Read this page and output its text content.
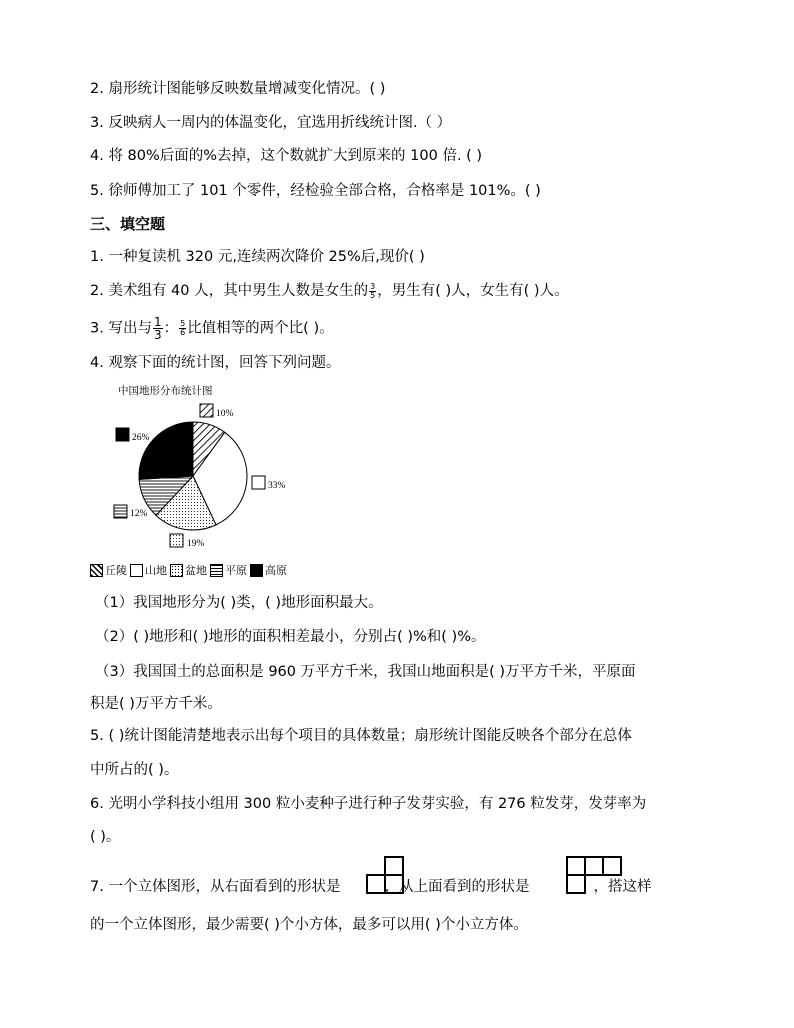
2. 扇形统计图能够反映数量增减变化情况。( )
3. 反映病人一周内的体温变化，宜选用折线统计图.（ ）
4. 将 80%后面的%去掉，这个数就扩大到原来的 100 倍. ( )
5. 徐师傅加工了 101 个零件，经检验全部合格，合格率是 101%。( )
三、填空题
1. 一种复读机 320 元,连续两次降价 25%后,现价( )
2. 美术组有 40 人，其中男生人数是女生的 $\frac{3}{5}$ ，男生有( )人，女生有( )人。
3. 写出与 $\frac{1}{3}$ ： $\frac{5}{6}$ 比值相等的两个比( )。
4. 观察下面的统计图，回答下列问题。
中国地形分布统计图
10%
33%
19%
12%
26%
丘陵 山地 盆地 平原 高原
（1）我国地形分为( )类，( )地形面积最大。
（2）( )地形和( )地形的面积相差最小，分别占( )%和( )%。
（3）我国国土的总面积是 960 万平方千米，我国山地面积是( )万平方千米，平原面
积是( )万平方千米。
5. ( )统计图能清楚地表示出每个项目的具体数量；扇形统计图能反映各个部分在总体
中所占的( )。
6. 光明小学科技小组用 300 粒小麦种子进行种子发芽实验，有 276 粒发芽，发芽率为
( )。
7. 一个立体图形，从右面看到的形状是	，从上面看到的形状是	，搭这样
的一个立体图形，最少需要( )个小方体，最多可以用( )个小立方体。
